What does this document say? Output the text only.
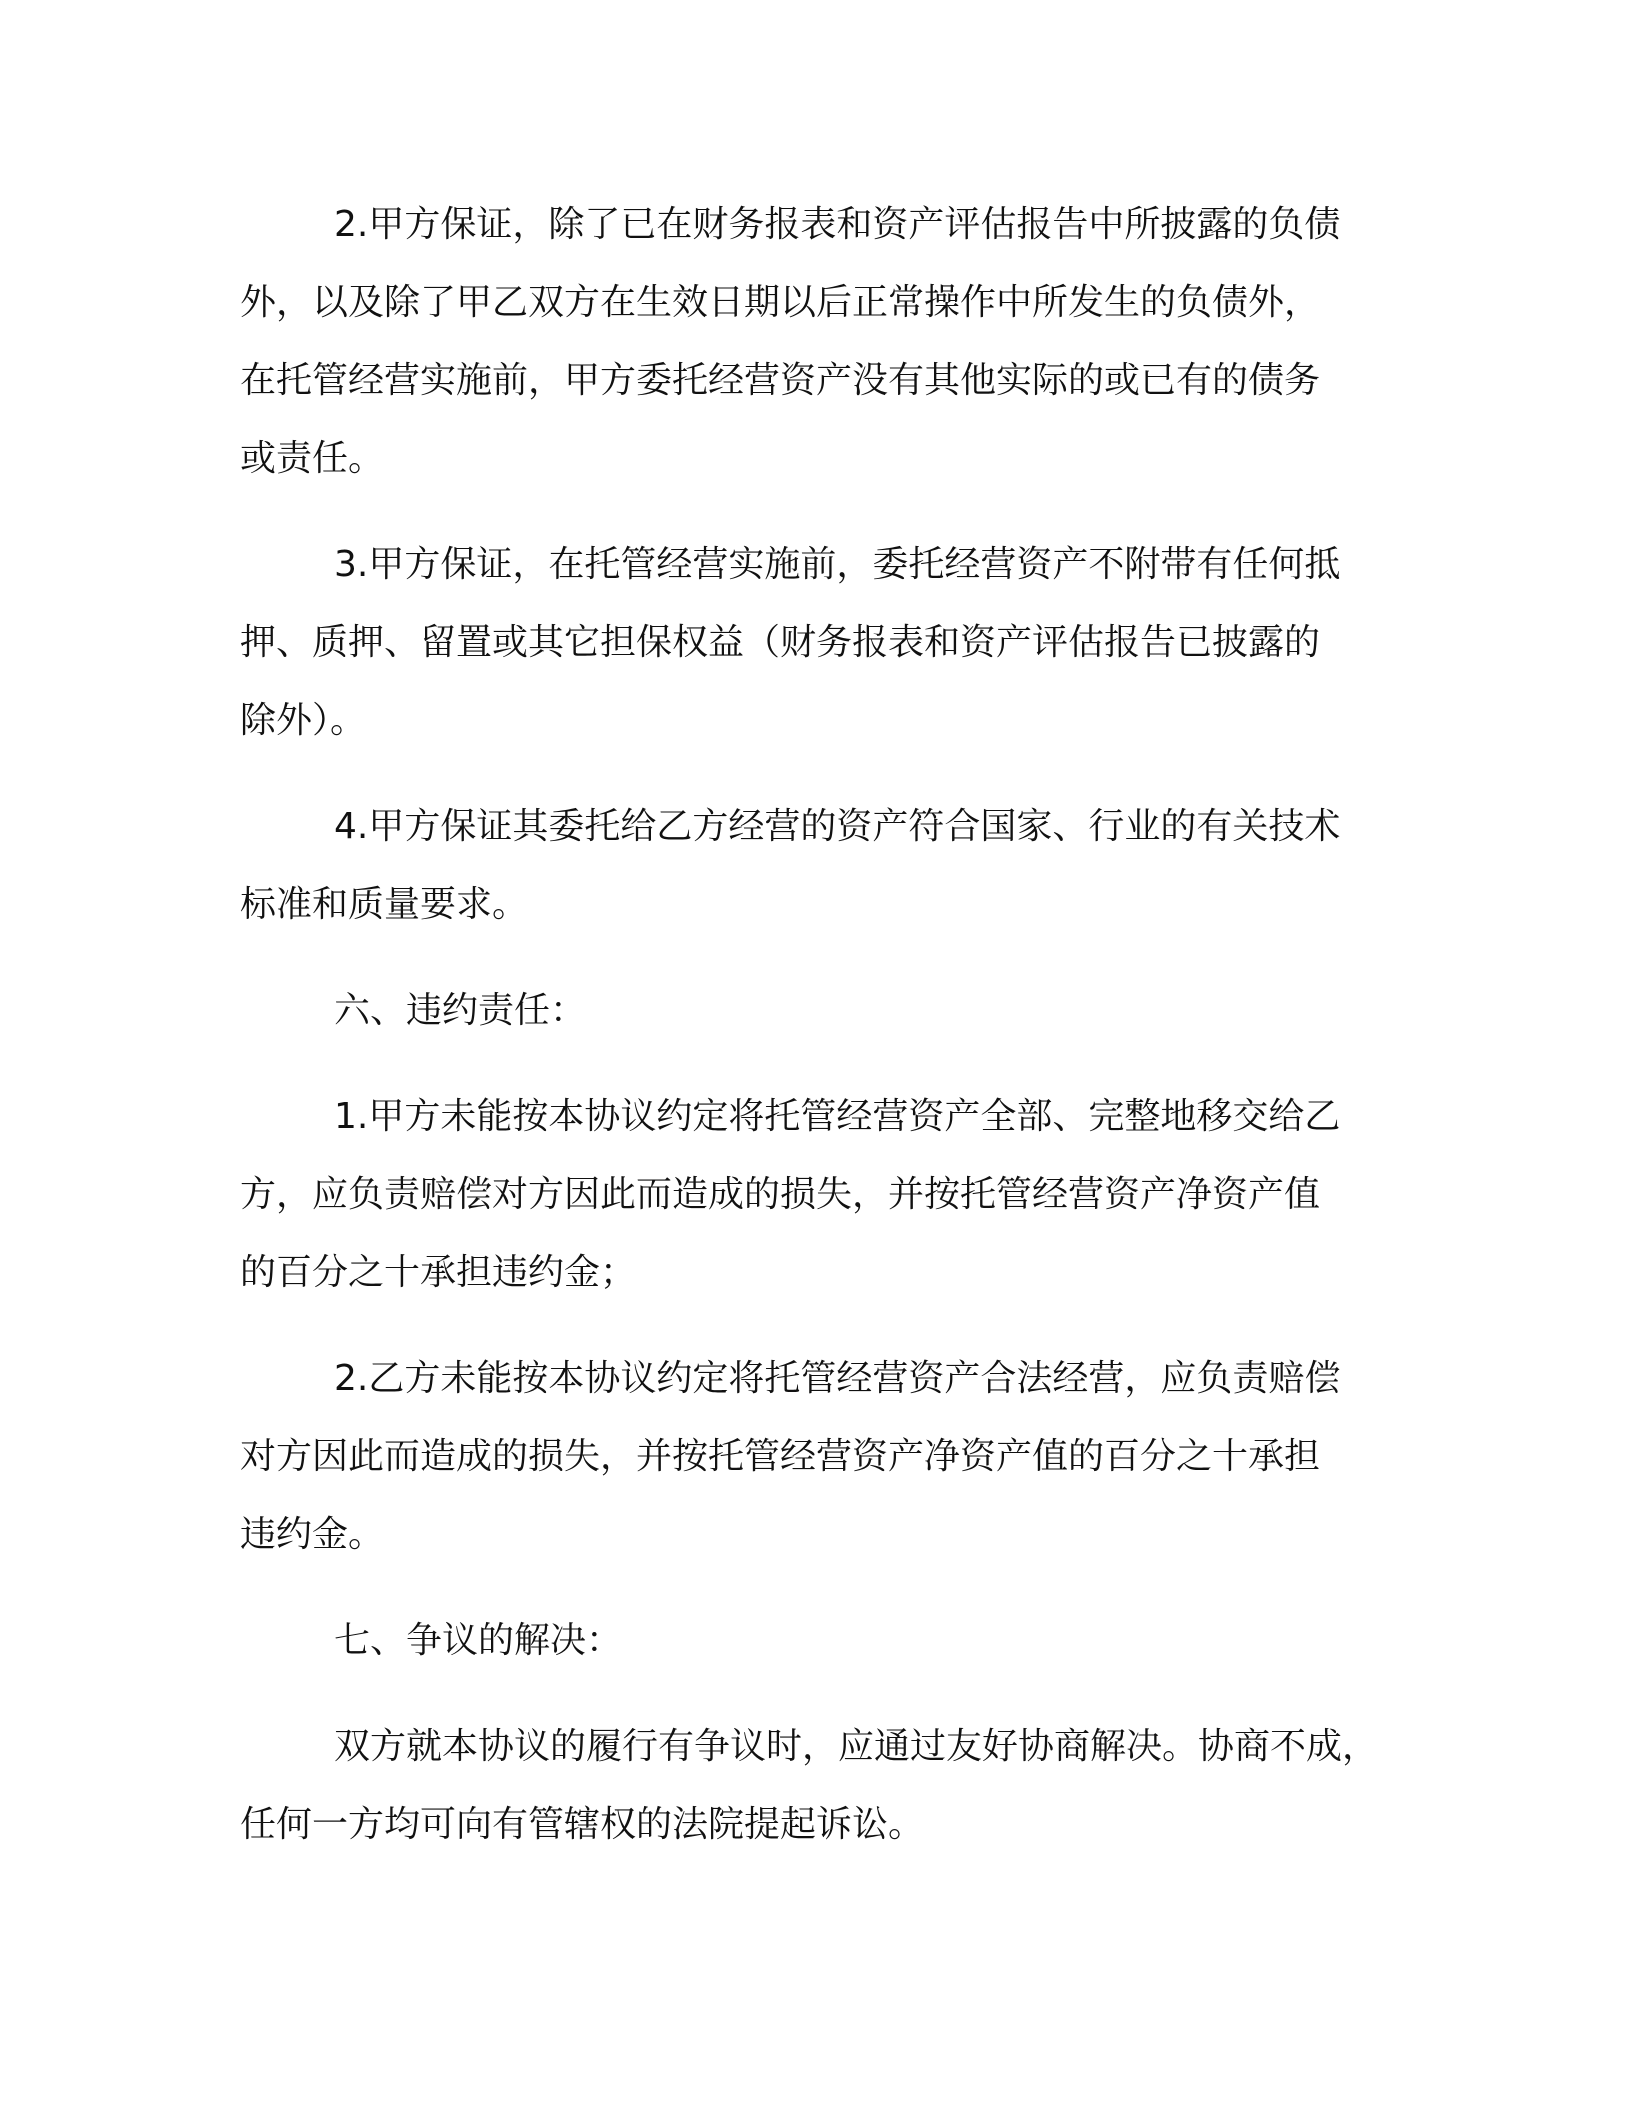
2.甲方保证，除了已在财务报表和资产评估报告中所披露的负债
外，以及除了甲乙双方在生效日期以后正常操作中所发生的负债外，
在托管经营实施前，甲方委托经营资产没有其他实际的或已有的债务
或责任。
3.甲方保证，在托管经营实施前，委托经营资产不附带有任何抵
押、质押、留置或其它担保权益（财务报表和资产评估报告已披露的
除外）。
4.甲方保证其委托给乙方经营的资产符合国家、行业的有关技术
标准和质量要求。
六、违约责任：
1.甲方未能按本协议约定将托管经营资产全部、完整地移交给乙
方，应负责赔偿对方因此而造成的损失，并按托管经营资产净资产值
的百分之十承担违约金；
2.乙方未能按本协议约定将托管经营资产合法经营，应负责赔偿
对方因此而造成的损失，并按托管经营资产净资产值的百分之十承担
违约金。
七、争议的解决：
双方就本协议的履行有争议时，应通过友好协商解决。协商不成，
任何一方均可向有管辖权的法院提起诉讼。
